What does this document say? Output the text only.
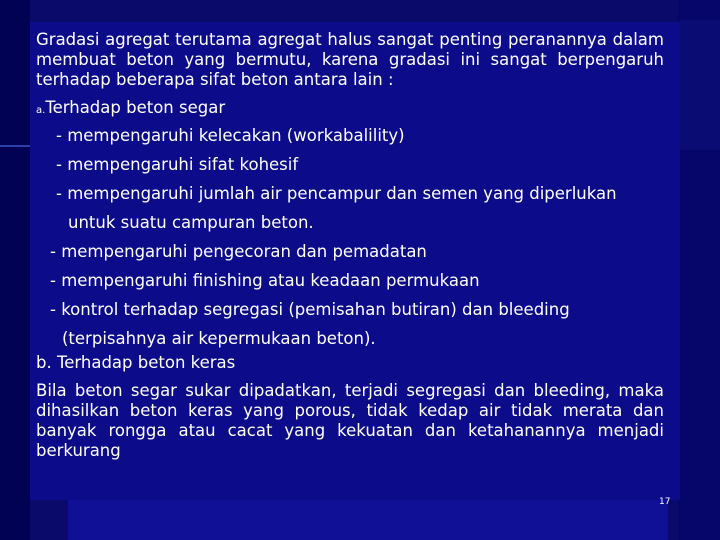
Gradasi agregat terutama agregat halus sangat penting peranannya dalam membuat beton yang bermutu, karena gradasi ini sangat berpengaruh terhadap beberapa sifat beton antara lain :

a.Terhadap beton segar

- mempengaruhi kelecakan (workabalility)

- mempengaruhi sifat kohesif

- mempengaruhi jumlah air pencampur dan semen yang diperlukan

untuk suatu campuran beton.

- mempengaruhi pengecoran dan pemadatan

- mempengaruhi finishing atau keadaan permukaan

- kontrol terhadap segregasi (pemisahan butiran) dan bleeding

(terpisahnya air kepermukaan beton).

b. Terhadap beton keras

Bila beton segar sukar dipadatkan, terjadi segregasi dan bleeding, maka dihasilkan beton keras yang porous, tidak kedap air tidak merata dan banyak rongga atau cacat yang kekuatan dan ketahanannya menjadi berkurang

17
